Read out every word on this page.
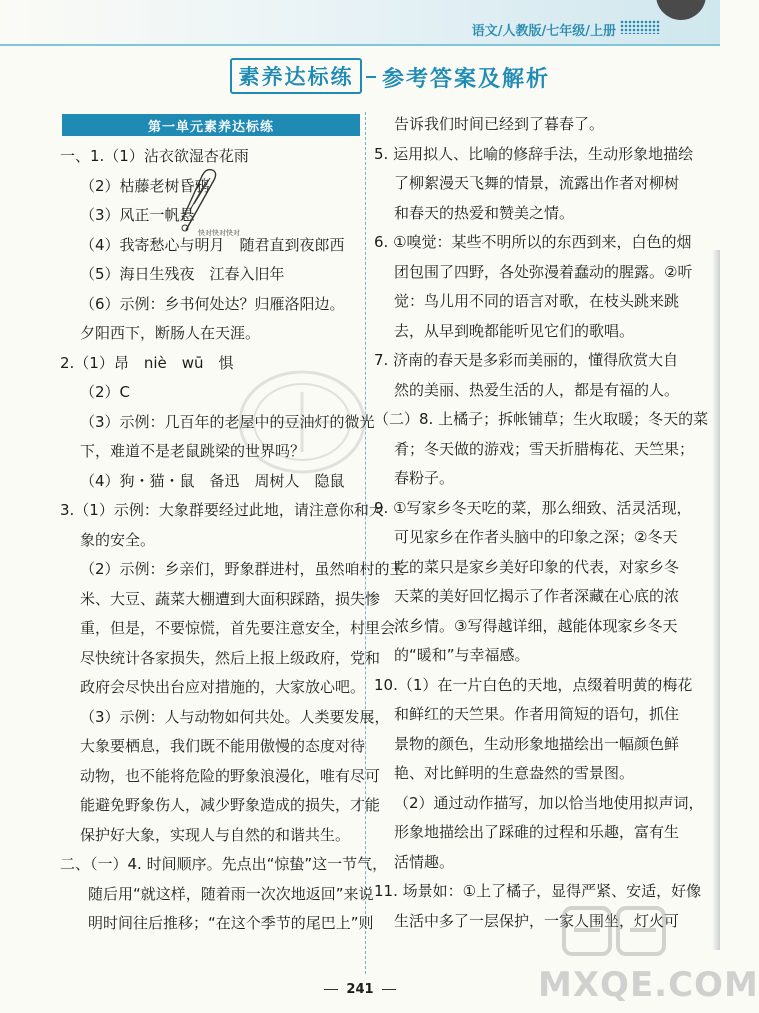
语文/人教版/七年级/上册
素养达标练	参考答案及解析
第一单元素养达标练
一、1.（1）沾衣欲湿杏花雨
（2）枯藤老树昏鸦
（3）风正一帆悬
（4）我寄愁心与明月　随君直到夜郎西
（5）海日生残夜　江春入旧年
（6）示例：乡书何处达？归雁洛阳边。
夕阳西下，断肠人在天涯。
2.（1）昂　niè　wū　惧
（2）C
（3）示例：几百年的老屋中的豆油灯的微光
下，难道不是老鼠跳梁的世界吗？
（4）狗・猫・鼠　备迅　周树人　隐鼠
3.（1）示例：大象群要经过此地，请注意你和大
象的安全。
（2）示例：乡亲们，野象群进村，虽然咱村的玉
米、大豆、蔬菜大棚遭到大面积踩踏，损失惨
重，但是，不要惊慌，首先要注意安全，村里会
尽快统计各家损失，然后上报上级政府，党和
政府会尽快出台应对措施的，大家放心吧。
（3）示例：人与动物如何共处。人类要发展，
大象要栖息，我们既不能用傲慢的态度对待
动物，也不能将危险的野象浪漫化，唯有尽可
能避免野象伤人，减少野象造成的损失，才能
保护好大象，实现人与自然的和谐共生。
二、（一）4. 时间顺序。先点出“惊蛰”这一节气，
随后用“就这样，随着雨一次次地返回”来说
明时间往后推移；“在这个季节的尾巴上”则
告诉我们时间已经到了暮春了。
5. 运用拟人、比喻的修辞手法，生动形象地描绘
了柳絮漫天飞舞的情景，流露出作者对柳树
和春天的热爱和赞美之情。
6. ①嗅觉：某些不明所以的东西到来，白色的烟
团包围了四野，各处弥漫着蠢动的腥露。②听
觉：鸟儿用不同的语言对歌，在枝头跳来跳
去，从早到晚都能听见它们的歌唱。
7. 济南的春天是多彩而美丽的，懂得欣赏大自
然的美丽、热爱生活的人，都是有福的人。
（二）8. 上橘子；拆帐铺草；生火取暖；冬天的菜
肴；冬天做的游戏；雪天折腊梅花、天竺果；
春粉子。
9. ①写家乡冬天吃的菜，那么细致、活灵活现，
可见家乡在作者头脑中的印象之深；②冬天
吃的菜只是家乡美好印象的代表，对家乡冬
天菜的美好回忆揭示了作者深藏在心底的浓
浓乡情。③写得越详细，越能体现家乡冬天
的“暖和”与幸福感。
10.（1）在一片白色的天地，点缀着明黄的梅花
和鲜红的天竺果。作者用简短的语句，抓住
景物的颜色，生动形象地描绘出一幅颜色鲜
艳、对比鲜明的生意盎然的雪景图。
（2）通过动作描写，加以恰当地使用拟声词，
形象地描绘出了踩碓的过程和乐趣，富有生
活情趣。
11. 场景如：①上了橘子，显得严紧、安适，好像
生活中多了一层保护，一家人围坐，灯火可
快对快对快对
MXQE.COM
241
